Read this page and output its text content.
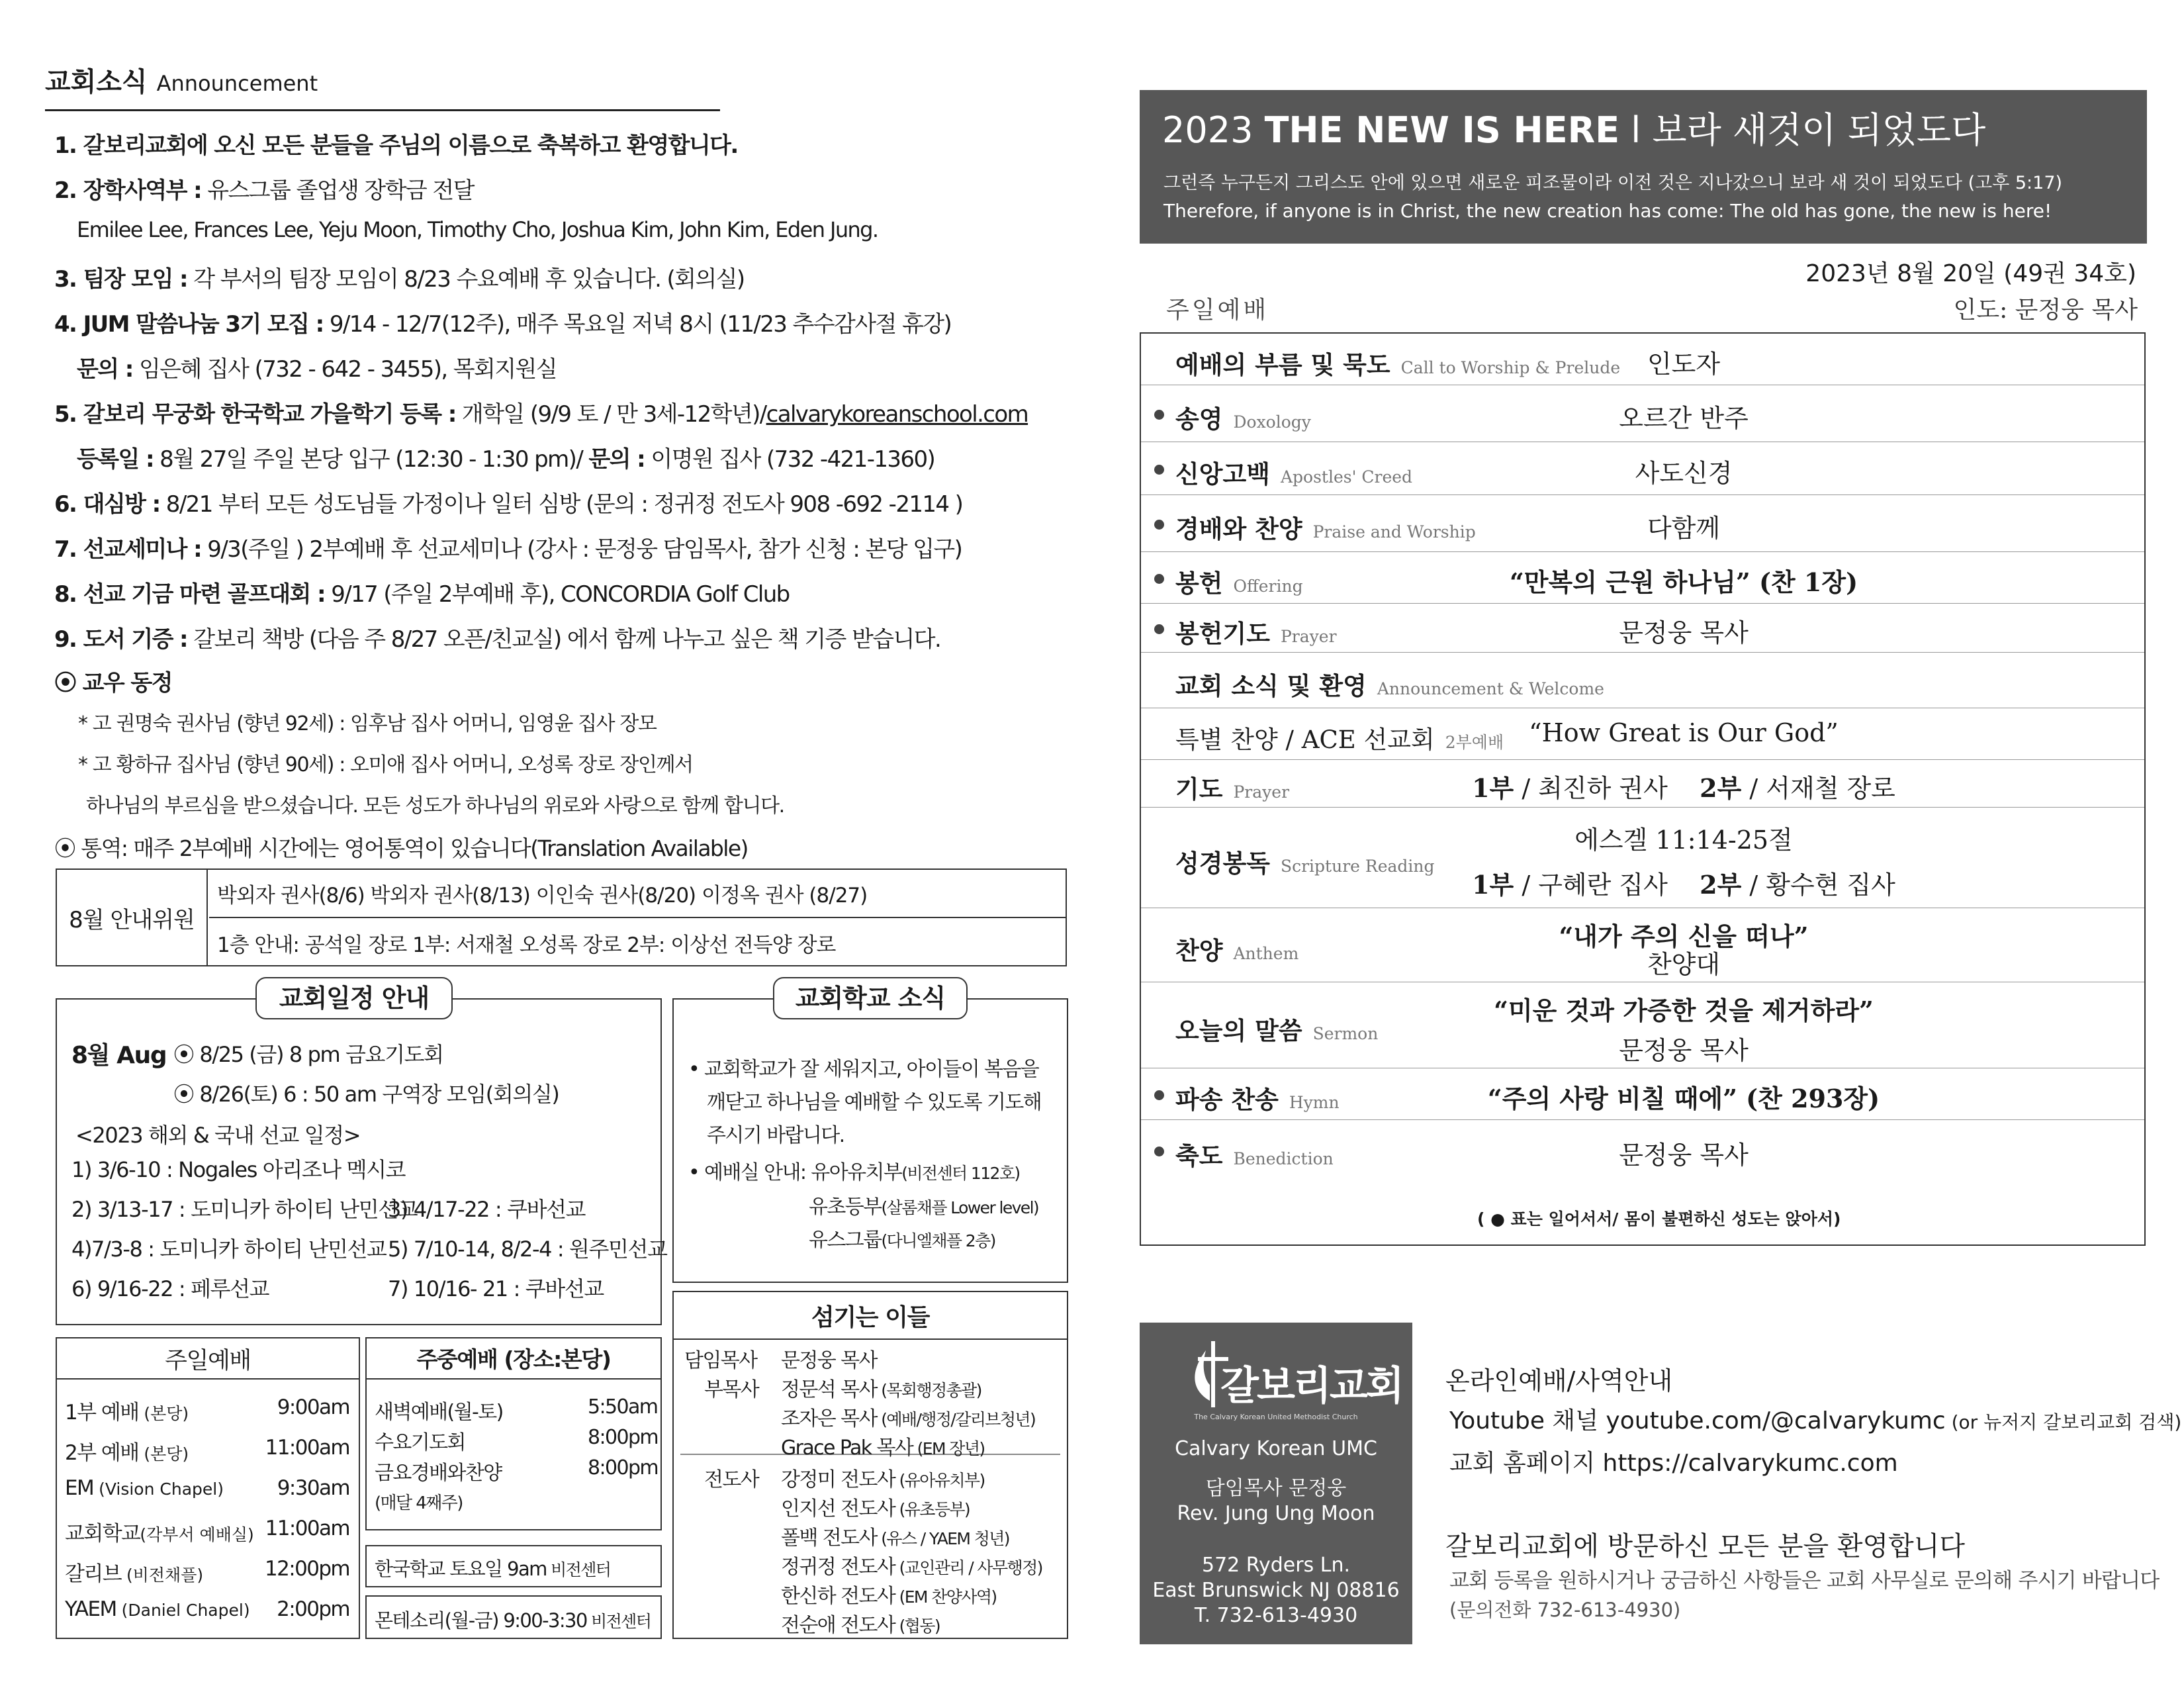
교회소식 Announcement
1. 갈보리교회에 오신 모든 분들을 주님의 이름으로 축복하고 환영합니다.
2. 장학사역부 : 유스그룹 졸업생 장학금 전달
Emilee Lee, Frances Lee, Yeju Moon, Timothy Cho, Joshua Kim, John Kim, Eden Jung.
3. 팀장 모임 : 각 부서의 팀장 모임이 8/23 수요예배 후 있습니다. (회의실)
4. JUM 말씀나눔 3기 모집 : 9/14 - 12/7(12주), 매주 목요일 저녁 8시 (11/23 추수감사절 휴강)
문의 : 임은혜 집사 (732 - 642 - 3455), 목회지원실
5. 갈보리 무궁화 한국학교 가을학기 등록 : 개학일 (9/9 토 / 만 3세-12학년)/calvarykoreanschool.com
등록일 : 8월 27일 주일 본당 입구 (12:30 - 1:30 pm)/ 문의 : 이명원 집사 (732 -421-1360)
6. 대심방 : 8/21 부터 모든 성도님들 가정이나 일터 심방 (문의 : 정귀정 전도사 908 -692 -2114 )
7. 선교세미나 : 9/3(주일 ) 2부예배 후 선교세미나 (강사 : 문정웅 담임목사, 참가 신청 : 본당 입구)
8. 선교 기금 마련 골프대회 : 9/17 (주일 2부예배 후), CONCORDIA Golf Club
9. 도서 기증 : 갈보리 책방 (다음 주 8/27 오픈/친교실) 에서 함께 나누고 싶은 책 기증 받습니다.
⦿ 교우 동정
* 고 권명숙 권사님 (향년 92세) : 임후남 집사 어머니, 임영윤 집사 장모
* 고 황하규 집사님 (향년 90세) : 오미애 집사 어머니, 오성록 장로 장인께서
하나님의 부르심을 받으셨습니다. 모든 성도가 하나님의 위로와 사랑으로 함께 합니다.
⦿ 통역: 매주 2부예배 시간에는 영어통역이 있습니다(Translation Available)
8월 안내위원
박외자 권사(8/6) 박외자 권사(8/13) 이인숙 권사(8/20) 이정옥 권사 (8/27)
1층 안내: 공석일 장로 1부: 서재철 오성록 장로 2부: 이상선 전득양 장로
교회일정 안내
8월 Aug ⦿ 8/25 (금) 8 pm 금요기도회
⦿ 8/26(토) 6 : 50 am 구역장 모임(회의실)
<2023 해외 & 국내 선교 일정>
1) 3/6-10 : Nogales 아리조나 멕시코
2) 3/13-17 : 도미니카 하이티 난민선교
3) 4/17-22 : 쿠바선교
4)7/3-8 : 도미니카 하이티 난민선교 5) 7/10-14, 8/2-4 : 원주민선교
6) 9/16-22 : 페루선교	7) 10/16- 21 : 쿠바선교
교회학교 소식
• 교회학교가 잘 세워지고, 아이들이 복음을
깨닫고 하나님을 예배할 수 있도록 기도해
주시기 바랍니다.
• 예배실 안내: 유아유치부(비전센터 112호)
유초등부(살롬채플 Lower level)
유스그룹(다니엘채플 2층)
섬기는 이들
담임목사 문정웅 목사
부목사 정문석 목사 (목회행정총괄)
조자은 목사 (예배/행정/갈리브청년)
Grace Pak 목사 (EM 장년)
전도사 강정미 전도사 (유아유치부)
인지선 전도사 (유초등부)
폴백 전도사 (유스 / YAEM 청년)
정귀정 전도사 (교인관리 / 사무행정)
한신하 전도사 (EM 찬양사역)
전순애 전도사 (협동)
주일예배
1부 예배 (본당)	9:00am
2부 예배 (본당)	11:00am
EM (Vision Chapel)	9:30am
교회학교(각부서 예배실) 11:00am
갈리브 (비전채플)	12:00pm
YAEM (Daniel Chapel) 2:00pm
주중예배 (장소:본당)
새벽예배(월-토)	5:50am
수요기도회	8:00pm
금요경배와찬양	8:00pm
(매달 4째주)
한국학교 토요일 9am 비전센터
몬테소리(월-금) 9:00-3:30 비전센터
2023 THE NEW IS HERE l 보라 새것이 되었도다
그런즉 누구든지 그리스도 안에 있으면 새로운 피조물이라 이전 것은 지나갔으니 보라 새 것이 되었도다 (고후 5:17)
Therefore, if anyone is in Christ, the new creation has come: The old has gone, the new is here!
2023년 8월 20일 (49권 34호)
주일예배	인도: 문정웅 목사
예배의 부름 및 묵도 Call to Worship & Prelude	인도자
송영 Doxology	오르간 반주
신앙고백 Apostles' Creed	사도신경
경배와 찬양 Praise and Worship	다함께
봉헌 Offering	“만복의 근원 하나님” (찬 1장)
봉헌기도 Prayer	문정웅 목사
교회 소식 및 환영 Announcement & Welcome
특별 찬양 / ACE 선교회 2부예배	“How Great is Our God”
기도 Prayer	1부 / 최진하 권사 2부 / 서재철 장로
성경봉독 Scripture Reading
에스겔 11:14-25절
1부 / 구혜란 집사 2부 / 황수현 집사
찬양 Anthem
“내가 주의 신을 떠나”
찬양대
오늘의 말씀 Sermon
“미운 것과 가증한 것을 제거하라”
문정웅 목사
파송 찬송 Hymn	“주의 사랑 비칠 때에” (찬 293장)
축도 Benediction	문정웅 목사
( ● 표는 일어서서/ 몸이 불편하신 성도는 앉아서)
갈보리교회
The Calvary Korean United Methodist Church
Calvary Korean UMC
담임목사 문정웅
Rev. Jung Ung Moon
572 Ryders Ln.
East Brunswick NJ 08816
T. 732-613-4930
온라인예배/사역안내
Youtube 채널 youtube.com/@calvarykumc (or 뉴저지 갈보리교회 검색)
교회 홈페이지 https://calvarykumc.com
갈보리교회에 방문하신 모든 분을 환영합니다
교회 등록을 원하시거나 궁금하신 사항들은 교회 사무실로 문의해 주시기 바랍니다
(문의전화 732-613-4930)
